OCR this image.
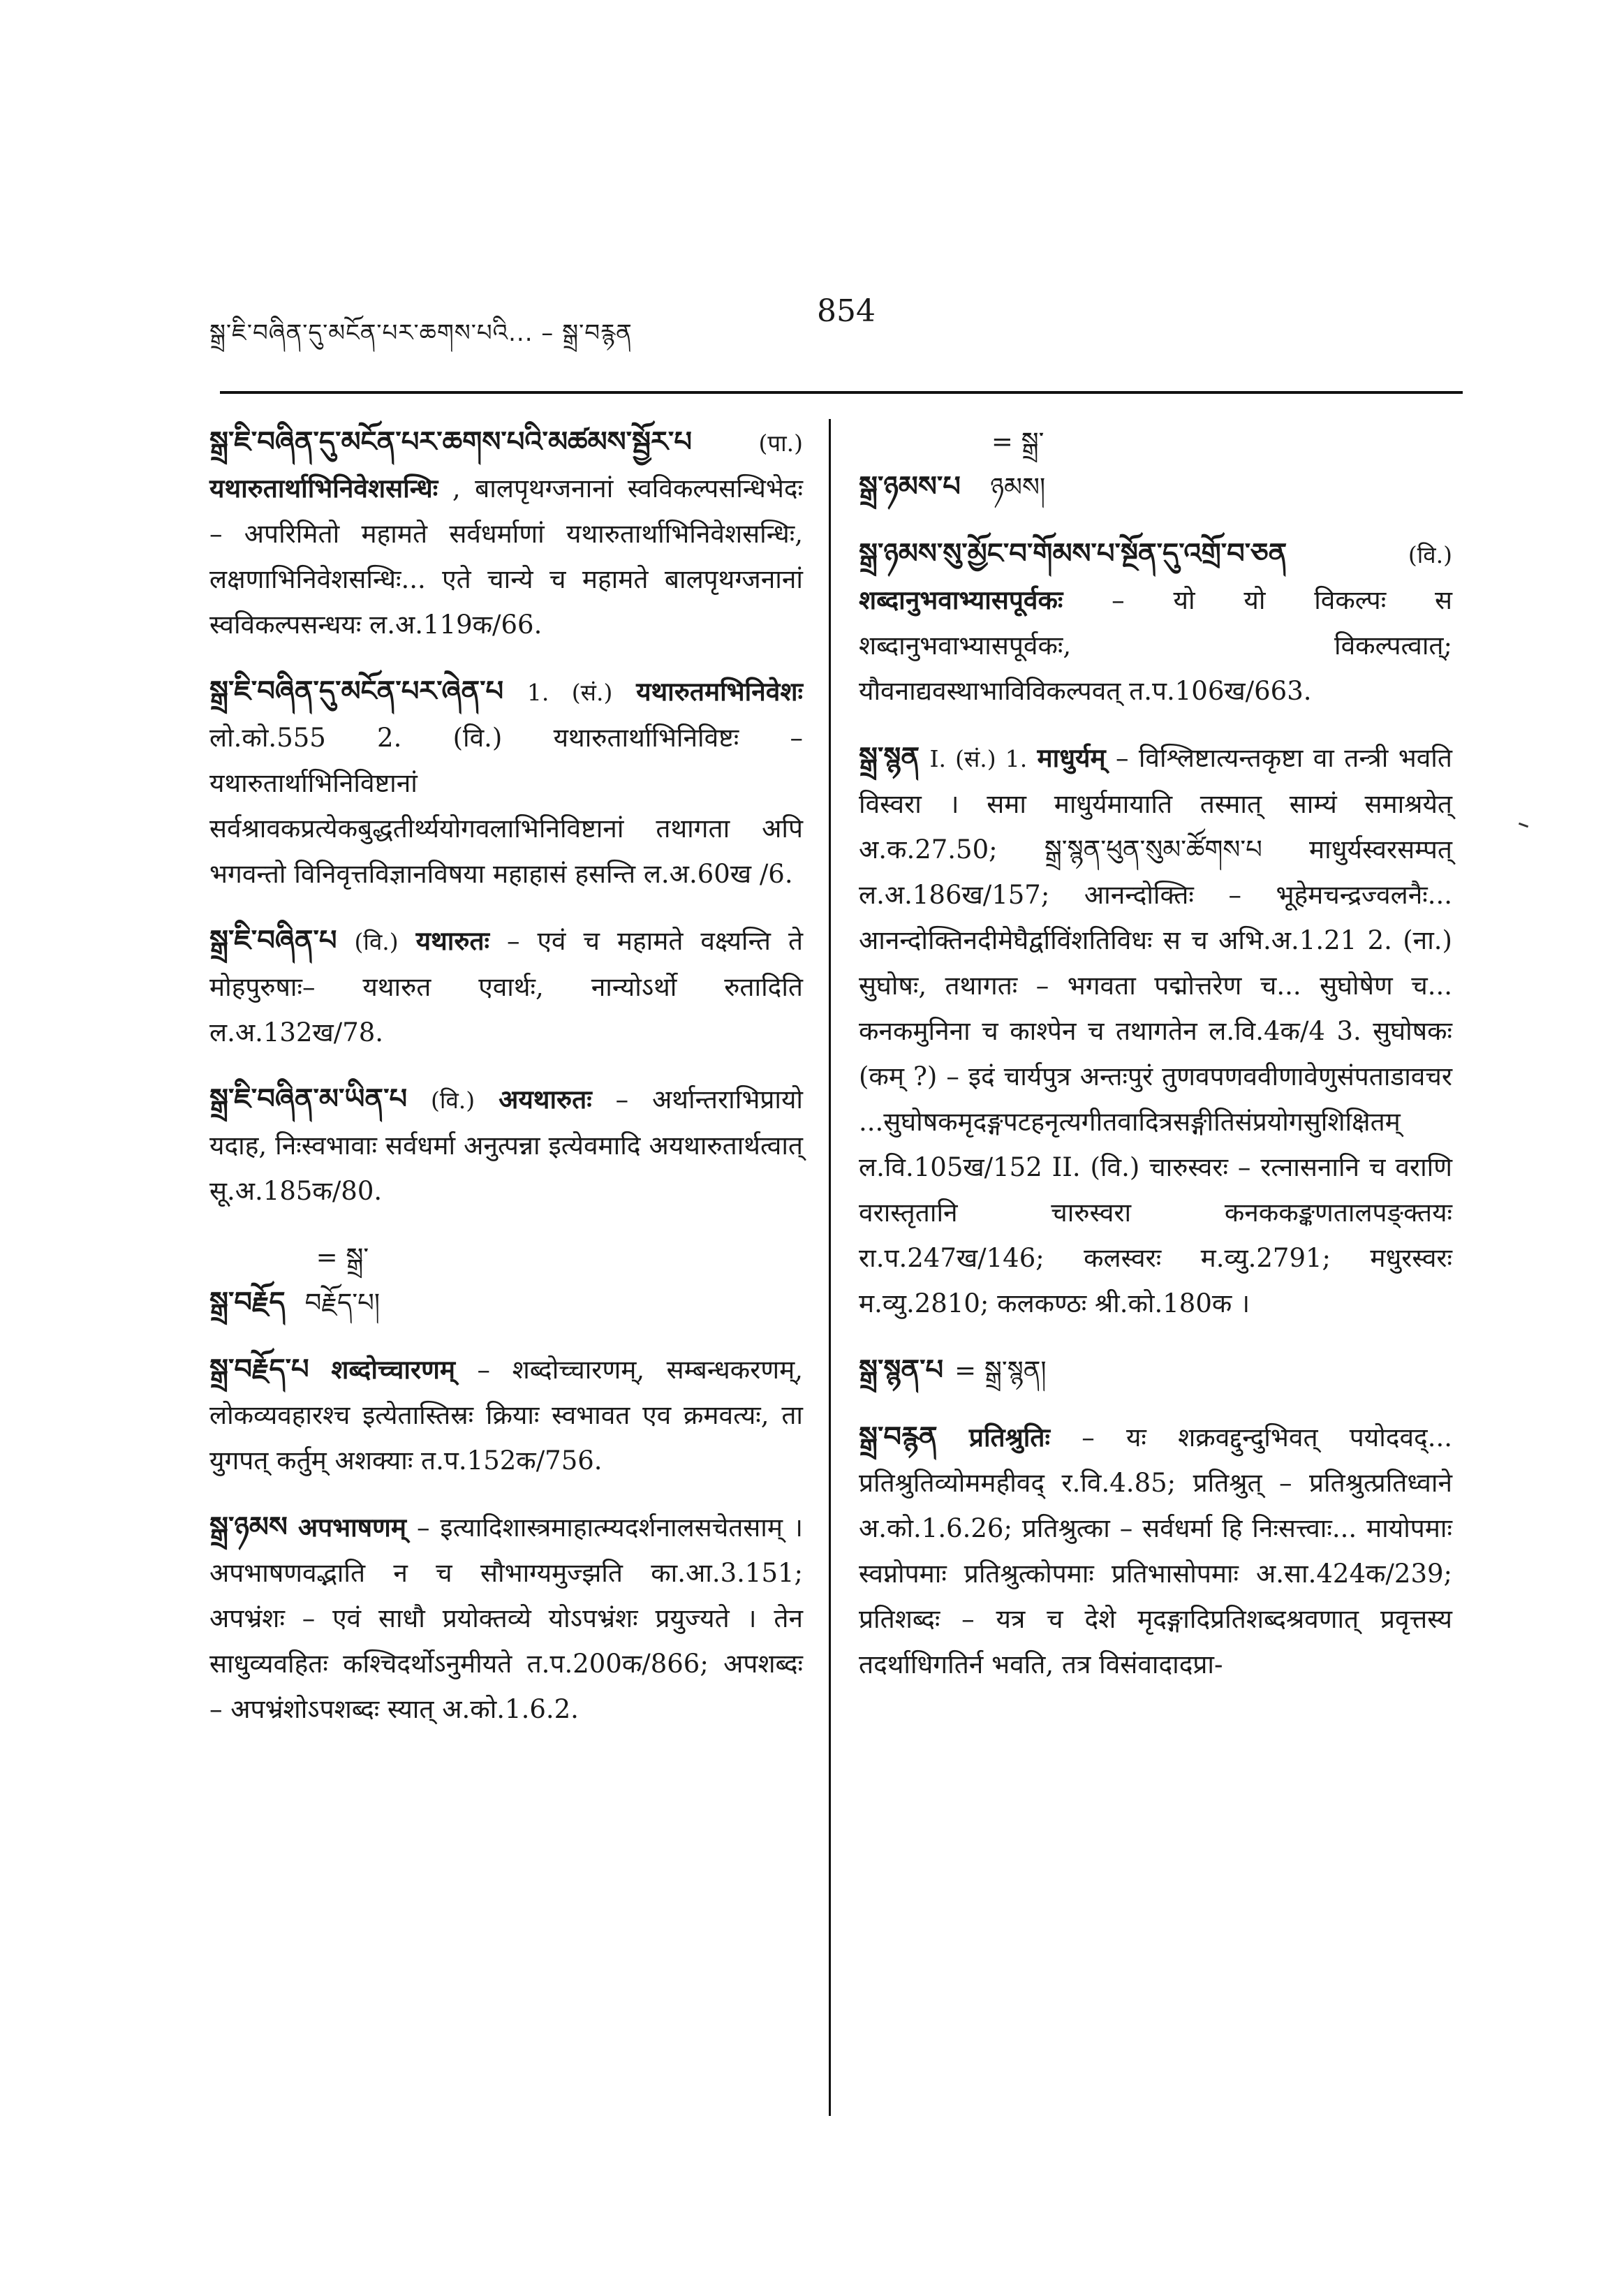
སྒྲ་ཇི་བཞིན་དུ་མངོན་པར་ཆགས་པའི... – སྒྲ་བརྙན
854

སྒྲ་ཇི་བཞིན་དུ་མངོན་པར་ཆགས་པའི་མཚམས་སྦྱོར་པ	(पा.) यथारुतार्थाभिनिवेशसन्धिः , बालपृथग्जनानां स्वविकल्पसन्धिभेदः – अपरिमितो महामते सर्वधर्माणां यथारुतार्थाभिनिवेशसन्धिः, लक्षणाभिनिवेशसन्धिः... एते चान्ये च महामते बालपृथग्जनानां स्वविकल्पसन्धयः ल.अ.119क/66.

སྒྲ་ཇི་བཞིན་དུ་མངོན་པར་ཞེན་པ 1. (सं.) यथारुतमभिनिवेशः लो.को.555 2. (वि.) यथारुतार्थाभिनिविष्टः – यथारुतार्थाभिनिविष्टानां सर्वश्रावकप्रत्येकबुद्धतीर्थ्ययोगवलाभिनिविष्टानां तथागता अपि भगवन्तो विनिवृत्तविज्ञानविषया महाहासं हसन्ति ल.अ.60ख /6.

སྒྲ་ཇི་བཞིན་པ (वि.) यथारुतः – एवं च महामते वक्ष्यन्ति ते मोहपुरुषाः– यथारुत एवार्थः, नान्योऽर्थो रुतादिति ल.अ.132ख/78.

སྒྲ་ཇི་བཞིན་མ་ཡིན་པ (वि.) अयथारुतः – अर्थान्तराभिप्रायो यदाह, निःस्वभावाः सर्वधर्मा अनुत्पन्ना इत्येवमादि अयथारुतार्थत्वात् सू.अ.185क/80.

སྒྲ་བརྗོད = སྒྲ་བརྗོད་པ།

སྒྲ་བརྗོད་པ शब्दोच्चारणम् – शब्दोच्चारणम्, सम्बन्धकरणम्, लोकव्यवहारश्च इत्येतास्तिस्रः क्रियाः स्वभावत एव क्रमवत्यः, ता युगपत् कर्तुम् अशक्याः त.प.152क/756.

སྒྲ་ཉམས अपभाषणम् – इत्यादिशास्त्रमाहात्म्यदर्शनालसचेतसाम् । अपभाषणवद्भाति न च सौभाग्यमुज्झति का.आ.3.151; अपभ्रंशः – एवं साधौ प्रयोक्तव्ये योऽपभ्रंशः प्रयुज्यते । तेन साधुव्यवहितः कश्चिदर्थोऽनुमीयते त.प.200क/866; अपशब्दः – अपभ्रंशोऽपशब्दः स्यात् अ.को.1.6.2.

སྒྲ་ཉམས་པ = སྒྲ་ཉམས།

སྒྲ་ཉམས་སུ་མྱོང་བ་གོམས་པ་སྔོན་དུ་འགྲོ་བ་ཅན	(वि.) शब्दानुभवाभ्यासपूर्वकः – यो यो विकल्पः स शब्दानुभवाभ्यासपूर्वकः, विकल्पत्वात्; यौवनाद्यवस्थाभाविविकल्पवत् त.प.106ख/663.

སྒྲ་སྙན I. (सं.) 1. माधुर्यम् – विश्लिष्टात्यन्तकृष्टा वा तन्त्री भवति विस्वरा । समा माधुर्यमायाति तस्मात् साम्यं समाश्रयेत् अ.क.27.50; སྒྲ་སྙན་ཕུན་སུམ་ཚོགས་པ माधुर्यस्वरसम्पत् ल.अ.186ख/157; आनन्दोक्तिः – भूहेमचन्द्रज्वलनैः... आनन्दोक्तिनदीमेघैर्द्वाविंशतिविधः स च अभि.अ.1.21 2. (ना.) सुघोषः, तथागतः – भगवता पद्मोत्तरेण च... सुघोषेण च... कनकमुनिना च काश्पेन च तथागतेन ल.वि.4क/4 3. सुघोषकः (कम् ?) – इदं चार्यपुत्र अन्तःपुरं तुणवपणववीणावेणुसंपताडावचर ...सुघोषकमृदङ्गपटहनृत्यगीतवादित्रसङ्गीतिसंप्रयोगसुशिक्षितम् ल.वि.105ख/152 II. (वि.) चारुस्वरः – रत्नासनानि च वराणि वरास्तृतानि चारुस्वरा कनककङ्कणतालपङ्क्तयः रा.प.247ख/146; कलस्वरः म.व्यु.2791; मधुरस्वरः म.व्यु.2810; कलकण्ठः श्री.को.180क ।

སྒྲ་སྙན་པ = སྒྲ་སྙན།

སྒྲ་བརྙན प्रतिश्रुतिः – यः शक्रवद्दुन्दुभिवत् पयोदवद्... प्रतिश्रुतिव्योममहीवद् र.वि.4.85; प्रतिश्रुत् – प्रतिश्रुत्प्रतिध्वाने अ.को.1.6.26; प्रतिश्रुत्का – सर्वधर्मा हि निःसत्त्वाः... मायोपमाः स्वप्नोपमाः प्रतिश्रुत्कोपमाः प्रतिभासोपमाः अ.सा.424क/239; प्रतिशब्दः – यत्र च देशे मृदङ्गादिप्रतिशब्दश्रवणात् प्रवृत्तस्य तदर्थाधिगतिर्न भवति, तत्र विसंवादादप्रा-
